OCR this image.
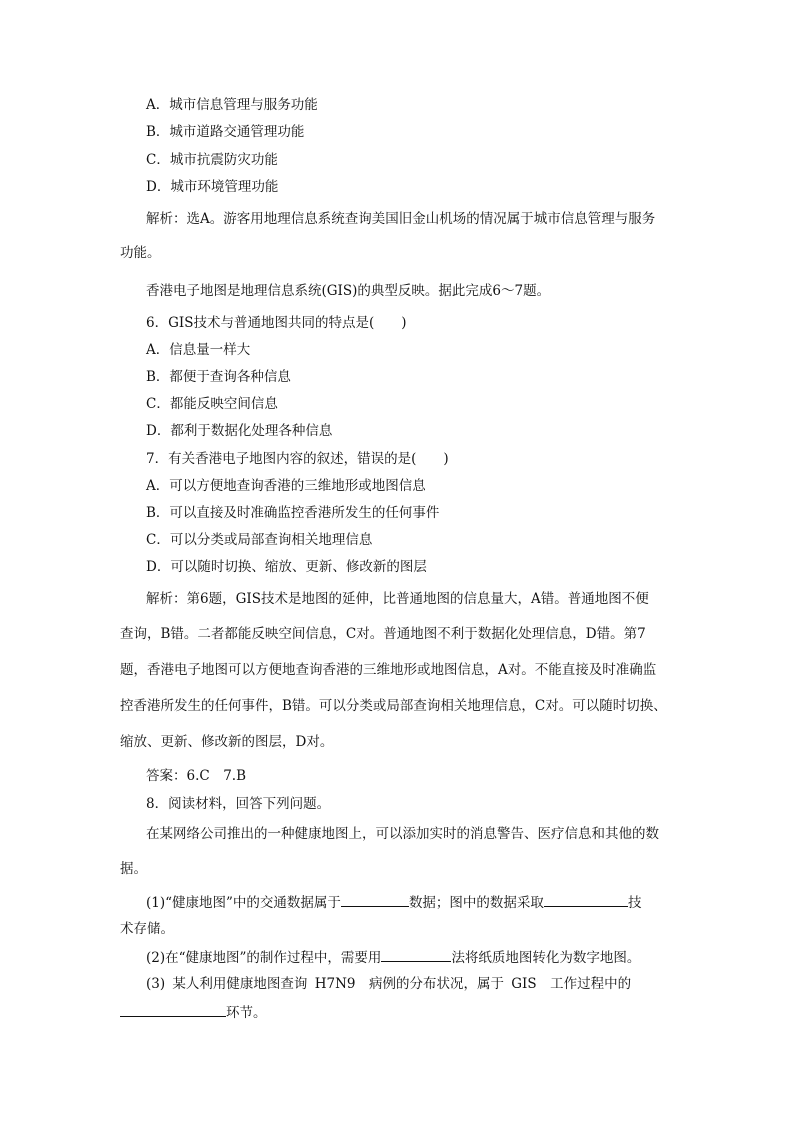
A．城市信息管理与服务功能
B．城市道路交通管理功能
C．城市抗震防灾功能
D．城市环境管理功能
解析：选A。游客用地理信息系统查询美国旧金山机场的情况属于城市信息管理与服务
功能。
香港电子地图是地理信息系统(GIS)的典型反映。据此完成6～7题。
6．GIS技术与普通地图共同的特点是(　　)
A．信息量一样大
B．都便于查询各种信息
C．都能反映空间信息
D．都利于数据化处理各种信息
7．有关香港电子地图内容的叙述，错误的是(　　)
A．可以方便地查询香港的三维地形或地图信息
B．可以直接及时准确监控香港所发生的任何事件
C．可以分类或局部查询相关地理信息
D．可以随时切换、缩放、更新、修改新的图层
解析：第6题，GIS技术是地图的延伸，比普通地图的信息量大，A错。普通地图不便
查询，B错。二者都能反映空间信息，C对。普通地图不利于数据化处理信息，D错。第7
题，香港电子地图可以方便地查询香港的三维地形或地图信息，A对。不能直接及时准确监
控香港所发生的任何事件，B错。可以分类或局部查询相关地理信息，C对。可以随时切换、
缩放、更新、修改新的图层，D对。
答案：6.C　7.B
8．阅读材料，回答下列问题。
在某网络公司推出的一种健康地图上，可以添加实时的消息警告、医疗信息和其他的数
据。
(1)“健康地图”中的交通数据属于	数据；图中的数据采取	技
术存储。
(2)在“健康地图”的制作过程中，需要用	法将纸质地图转化为数字地图。
(3) 某人利用健康地图查询 H7N9　病例的分布状况，属于 GIS　工作过程中的
环节。
